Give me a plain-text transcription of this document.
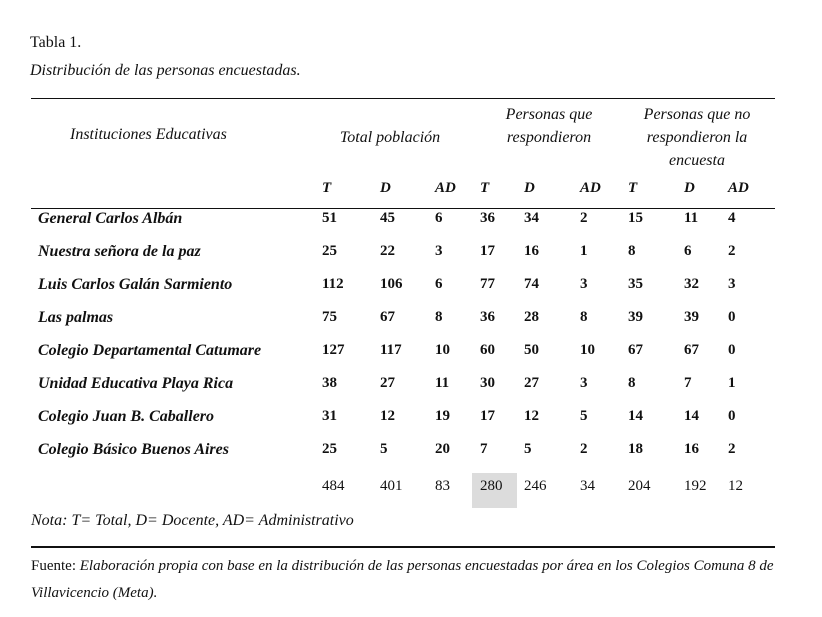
Tabla 1.
Distribución de las personas encuestadas.
Instituciones Educativas	Total población
Personas que
respondieron
Personas que no
respondieron la
encuesta
T	D	AD T D	AD T	D AD
General Carlos Albán	51	45	6	36 34	2	15	11 4
Nuestra señora de la paz	25	22	3	17 16	1	8	6 2
Luis Carlos Galán Sarmiento	112 106 6	77 74	3	35	32 3
Las palmas	75	67	8	36 28	8	39	39 0
Colegio Departamental Catumare	127 117 10 60 50	10 67	67 0
Unidad Educativa Playa Rica	38	27	11 30 27	3	8	7 1
Colegio Juan B. Caballero	31	12	19 17 12	5	14	14 0
Colegio Básico Buenos Aires	25	5	20 7 5	2	18	16 2
484 401 83 280 246 34 204 192 12
Nota: T= Total, D= Docente, AD= Administrativo
Fuente: Elaboración propia con base en la distribución de las personas encuestadas por área en los Colegios Comuna 8 de Villavicencio (Meta).
